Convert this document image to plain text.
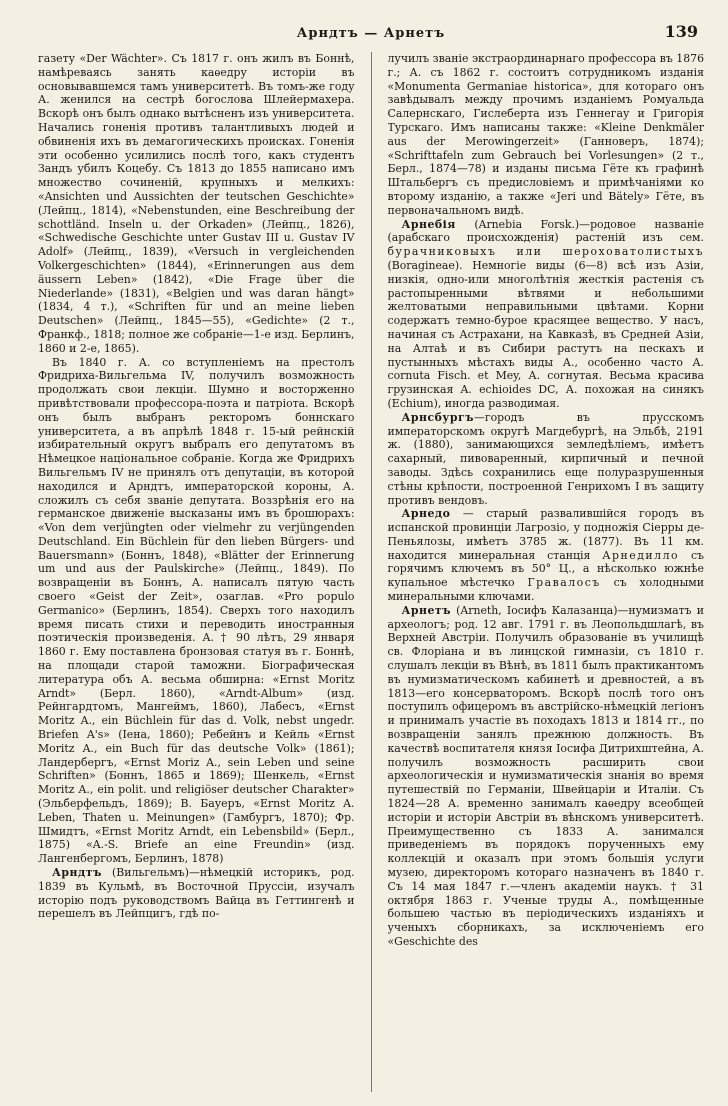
Арндтъ — Арнетъ	139

газету «Der Wächter». Съ 1817 г. онъ жилъ въ Боннѣ, намѣреваясь занять каѳедру исторіи въ основывавшемся тамъ университетѣ. Въ томъ-же году А. женился на сестрѣ богослова Шлейермахера. Вскорѣ онъ былъ однако вытѣсненъ изъ университета. Начались гоненія противъ талантливыхъ людей и обвиненія ихъ въ демагогическихъ происках. Гоненія эти особенно усилились послѣ того, какъ студентъ Зандъ убилъ Коцебу. Съ 1813 до 1855 написано имъ множество сочиненій, крупныхъ и мелкихъ: «Ansichten und Aussichten der teutschen Geschichte» (Лейпц., 1814), «Nebenstunden, eine Beschreibung der schottländ. Inseln u. der Orkaden» (Лейпц., 1826), «Schwedische Geschichte unter Gustav III u. Gustav IV Adolf» (Лейпц., 1839), «Versuch in vergleichenden Volkergeschichten» (1844), «Erinnerungen aus dem äussern Leben» (1842), «Die Frage über die Niederlande» (1831), «Belgien und was daran hängt» (1834, 4 т.), «Schriften für und an meine lieben Deutschen» (Лейпц., 1845—55), «Gedichte» (2 т., Франкф., 1818; полное же собраніе—1-е изд. Берлинъ, 1860 и 2-е, 1865).

Въ 1840 г. А. со вступленіемъ на престолъ Фридриха-Вильгельма IV, получилъ возможность продолжать свои лекціи. Шумно и восторженно привѣтствовали профессора-поэта и патріота. Вскорѣ онъ былъ выбранъ ректоромъ боннскаго университета, а въ апрѣлѣ 1848 г. 15-ый рейнскій избирательный округъ выбралъ его депутатомъ въ Нѣмецкое національное собраніе. Когда же Фридрихъ Вильгельмъ IV не принялъ отъ депутаціи, въ которой находился и Арндтъ, императорской короны, А. сложилъ съ себя званіе депутата. Воззрѣнія его на германское движеніе высказаны имъ въ брошюрахъ: «Von dem verjüngten oder vielmehr zu verjüngenden Deutschland. Ein Büchlein für den lieben Bürgers- und Bauersmann» (Боннъ, 1848), «Blätter der Erinnerung um und aus der Paulskirche» (Лейпц., 1849). По возвращеніи въ Боннъ, А. написалъ пятую часть своего «Geist der Zeit», озаглав. «Pro populo Germanico» (Берлинъ, 1854). Сверхъ того находилъ время писать стихи и переводить иностранныя поэтическія произведенія. А. † 90 лѣтъ, 29 января 1860 г. Ему поставлена бронзовая статуя въ г. Боннѣ, на площади старой таможни. Біографическая литература объ А. весьма обширна: «Ernst Moritz Arndt» (Берл. 1860), «Arndt-Album» (изд. Рейнгардтомъ, Мангеймъ, 1860), Лабесъ, «Ernst Moritz A., ein Büchlein für das d. Volk, nebst ungedr. Briefen A's» (Іена, 1860); Ребейнъ и Кейль «Ernst Moritz A., ein Buch für das deutsche Volk» (1861); Ландербергъ, «Ernst Moriz A., sein Leben und seine Schriften» (Боннъ, 1865 и 1869); Шенкель, «Ernst Moritz A., ein polit. und religiöser deutscher Charakter» (Эльберфельдъ, 1869); В. Бауеръ, «Ernst Moritz A. Leben, Thaten u. Meinungen» (Гамбургъ, 1870); Фр. Шмидтъ, «Ernst Moritz Arndt, ein Lebensbild» (Берл., 1875) «A.-S. Briefe an eine Freundin» (изд. Лангенбергомъ, Берлинъ, 1878)

Арндтъ (Вильгельмъ)—нѣмецкій историкъ, род. 1839 въ Кульмѣ, въ Восточной Пруссіи, изучалъ исторію подъ руководствомъ Вайца въ Геттингенѣ и перешелъ въ Лейпцигъ, гдѣ по-

лучилъ званіе экстраординарнаго профессора въ 1876 г.; А. съ 1862 г. состоитъ сотрудникомъ изданія «Monumenta Germaniae historica», для котораго онъ завѣдывалъ между прочимъ изданіемъ Ромуальда Салернскаго, Гислеберта изъ Геннегау и Григорія Турскаго. Имъ написаны также: «Kleine Denkmäler aus der Merowingerzeit» (Ганноверъ, 1874); «Schrifttafeln zum Gebrauch bei Vorlesungen» (2 т., Берл., 1874—78) и изданы письма Гёте къ графинѣ Штальбергъ съ предисловіемъ и примѣчаніями ко второму изданію, а также «Jeri und Bätely» Гёте, въ первоначальномъ видѣ.

Арнебія (Arnebia Forsk.)—родовое названіе (арабскаго происхожденія) растеній изъ сем. бурачниковыхъ или шероховатолистыхъ (Boragineae). Немногіе виды (6—8) всѣ изъ Азіи, низкія, одно-или многолѣтнія жесткія растенія съ растопыренными вѣтвями и небольшими желтоватыми неправильными цвѣтами. Корни содержатъ темно-бурое красящее вещество. У насъ, начиная съ Астрахани, на Кавказѣ, въ Средней Азіи, на Алтаѣ и въ Сибири растутъ на пескахъ и пустынныхъ мѣстахъ виды А., особенно часто A. cornuta Fisch. et Mey, А. согнутая. Весьма красива грузинская A. echioides DC, А. похожая на синякъ (Echium), иногда разводимая.

Арнсбургъ—городъ въ прусскомъ императорскомъ округѣ Магдебургѣ, на Эльбѣ, 2191 ж. (1880), занимающихся земледѣліемъ, имѣетъ сахарный, пивоваренный, кирпичный и печной заводы. Здѣсь сохранились еще полуразрушенныя стѣны крѣпости, построенной Генрихомъ I въ защиту противъ вендовъ.

Арнедо — старый развалившійся городъ въ испанской провинціи Лагрозіо, у подножія Сіерры де-Пеньялозы, имѣетъ 3785 ж. (1877). Въ 11 км. находится минеральная станція Арнедилло съ горячимъ ключемъ въ 50° Ц., а нѣсколько южнѣе купальное мѣстечко Гравалосъ съ холодными минеральными ключами.

Арнетъ (Arneth, Іосифъ Калазанца)—нумизматъ и археологъ; род. 12 авг. 1791 г. въ Леопольдшлагѣ, въ Верхней Австріи. Получилъ образованіе въ училищѣ св. Флоріана и въ линцской гимназіи, съ 1810 г. слушалъ лекціи въ Вѣнѣ, въ 1811 былъ практикантомъ въ нумизматическомъ кабинетѣ и древностей, а въ 1813—его консерваторомъ. Вскорѣ послѣ того онъ поступилъ офицеромъ въ австрійско-нѣмецкій легіонъ и принималъ участіе въ походахъ 1813 и 1814 гг., по возвращеніи занялъ прежнюю должность. Въ качествѣ воспитателя князя Іосифа Дитрихштейна, А. получилъ возможность расширить свои археологическія и нумизматическія знанія во время путешествій по Германіи, Швейцаріи и Италіи. Съ 1824—28 А. временно занималъ каѳедру всеобщей исторіи и исторіи Австріи въ вѣнскомъ университетѣ. Преимущественно съ 1833 А. занимался приведеніемъ въ порядокъ порученныхъ ему коллекцій и оказалъ при этомъ большія услуги музею, директоромъ котораго назначенъ въ 1840 г. Съ 14 мая 1847 г.—членъ академіи наукъ. † 31 октября 1863 г. Ученые труды А., помѣщенные большею частью въ періодическихъ изданіяхъ и ученыхъ сборникахъ, за исключеніемъ его «Geschichte des
